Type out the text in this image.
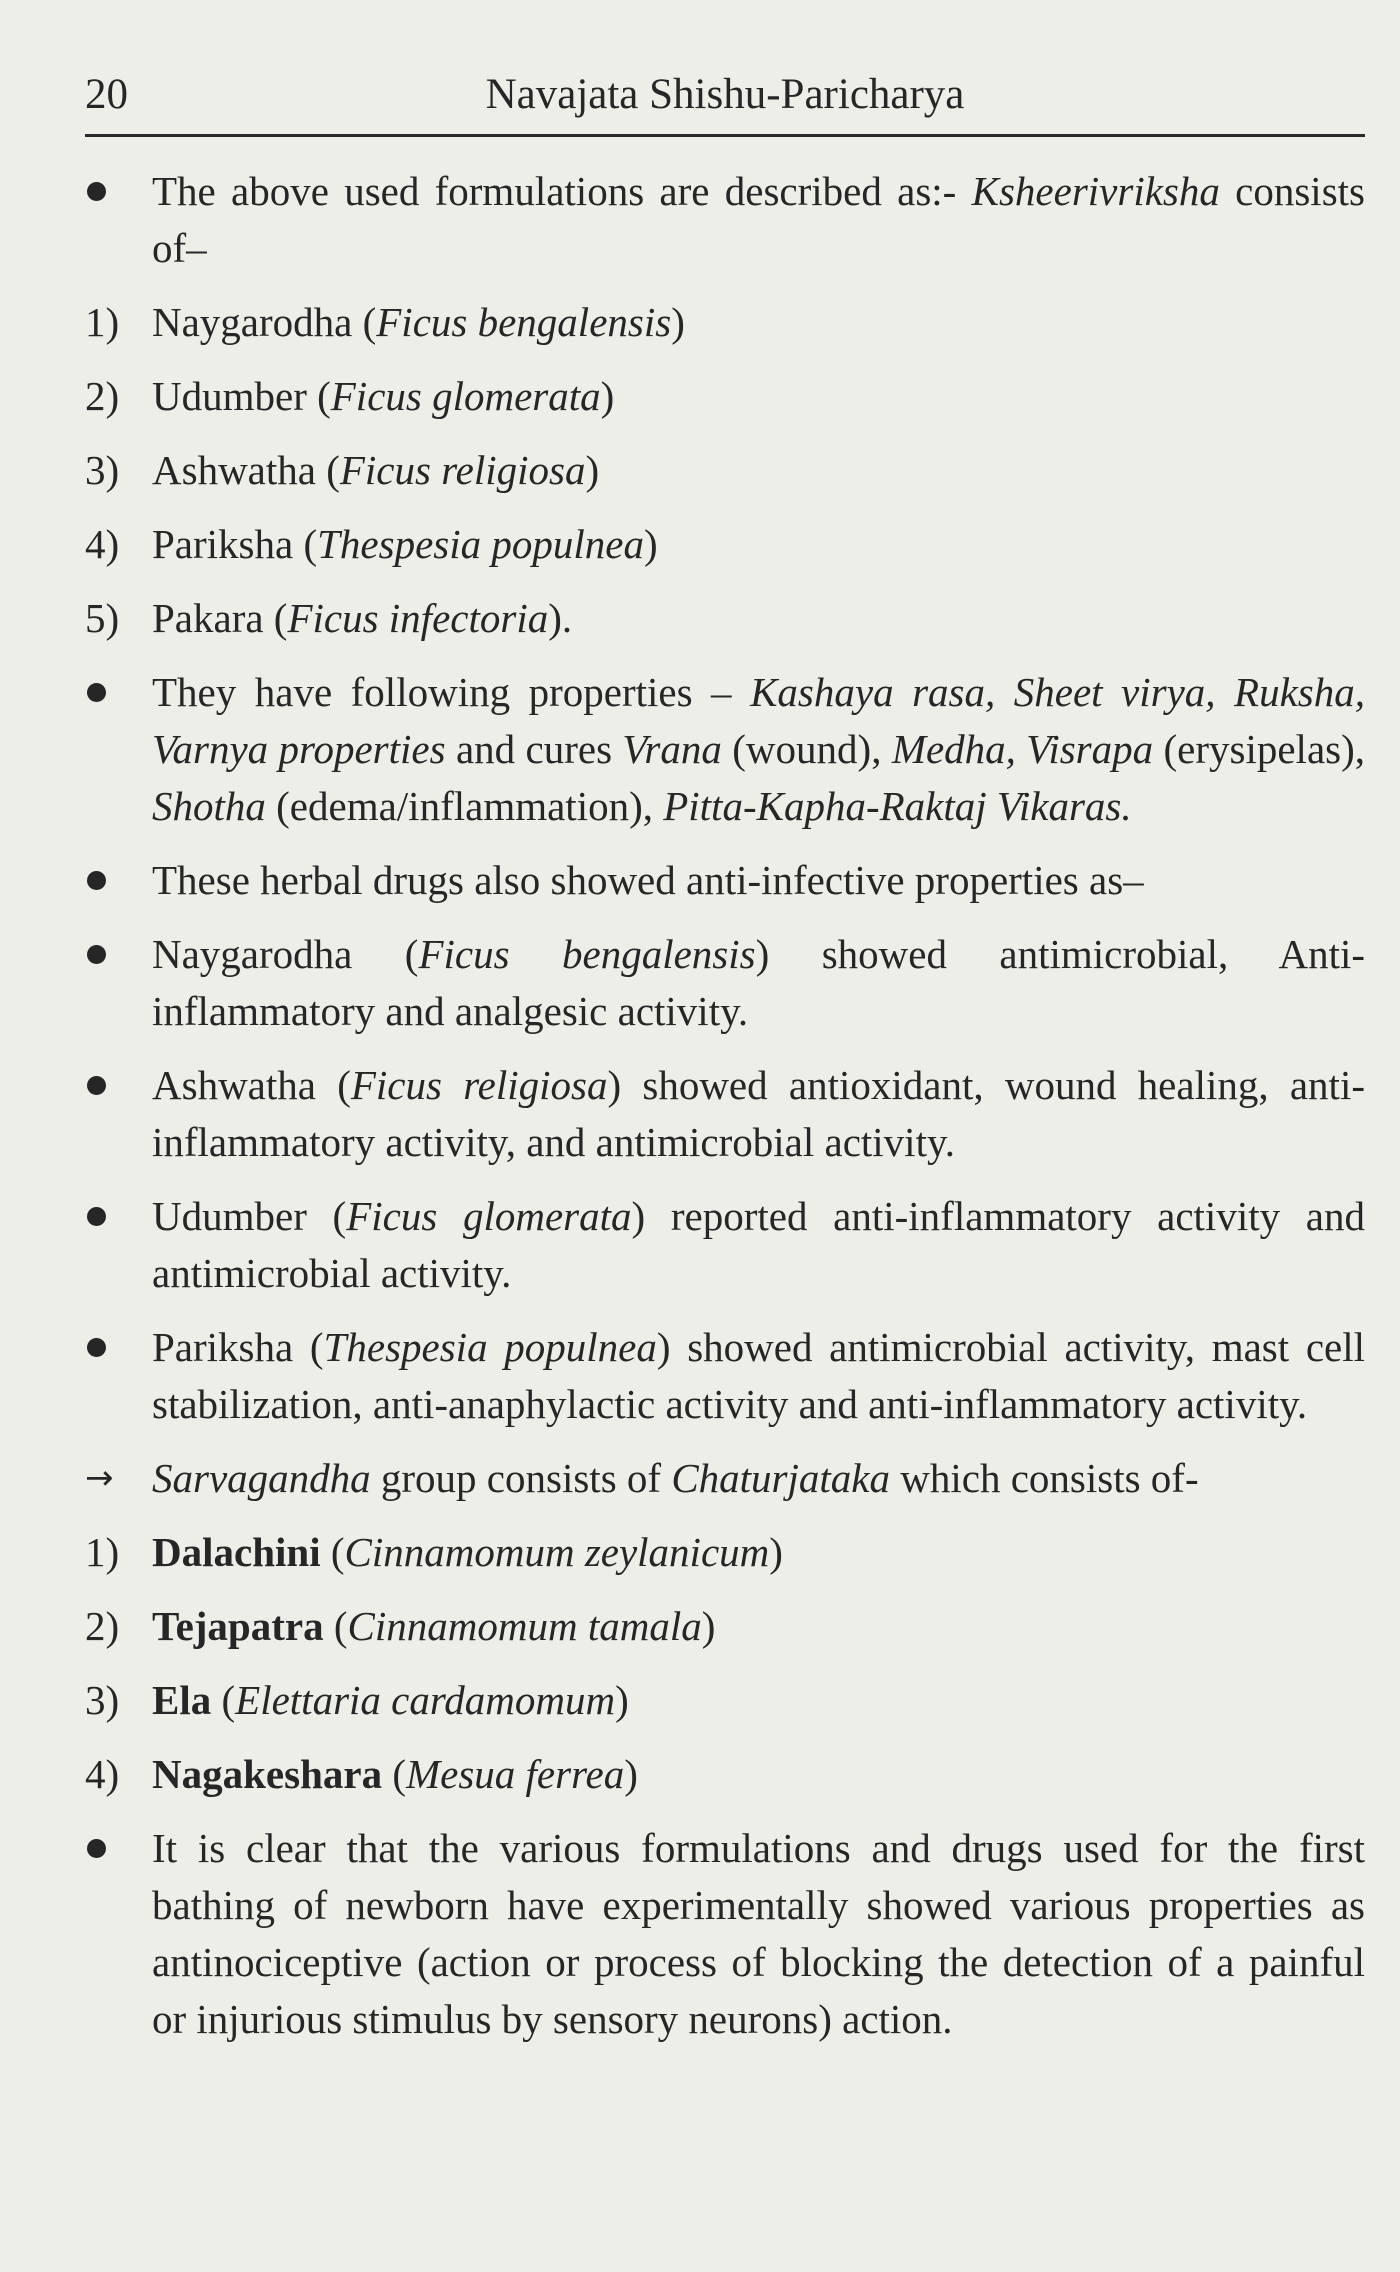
20	Navajata Shishu-Paricharya
The above used formulations are described as:- Ksheerivriksha consists of–
1) Naygarodha (Ficus bengalensis)
2) Udumber (Ficus glomerata)
3) Ashwatha (Ficus religiosa)
4) Pariksha (Thespesia populnea)
5) Pakara (Ficus infectoria).
They have following properties – Kashaya rasa, Sheet virya, Ruksha, Varnya properties and cures Vrana (wound), Medha, Visrapa (erysipelas), Shotha (edema/inflammation), Pitta-Kapha-Raktaj Vikaras.
These herbal drugs also showed anti-infective properties as–
Naygarodha (Ficus bengalensis) showed antimicrobial, Anti-inflammatory and analgesic activity.
Ashwatha (Ficus religiosa) showed antioxidant, wound healing, anti-inflammatory activity, and antimicrobial activity.
Udumber (Ficus glomerata) reported anti-inflammatory activity and antimicrobial activity.
Pariksha (Thespesia populnea) showed antimicrobial activity, mast cell stabilization, anti-anaphylactic activity and anti-inflammatory activity.
→ Sarvagandha group consists of Chaturjataka which consists of-
1) Dalachini (Cinnamomum zeylanicum)
2) Tejapatra (Cinnamomum tamala)
3) Ela (Elettaria cardamomum)
4) Nagakeshara (Mesua ferrea)
It is clear that the various formulations and drugs used for the first bathing of newborn have experimentally showed various properties as antinociceptive (action or process of blocking the detection of a painful or injurious stimulus by sensory neurons) action.
